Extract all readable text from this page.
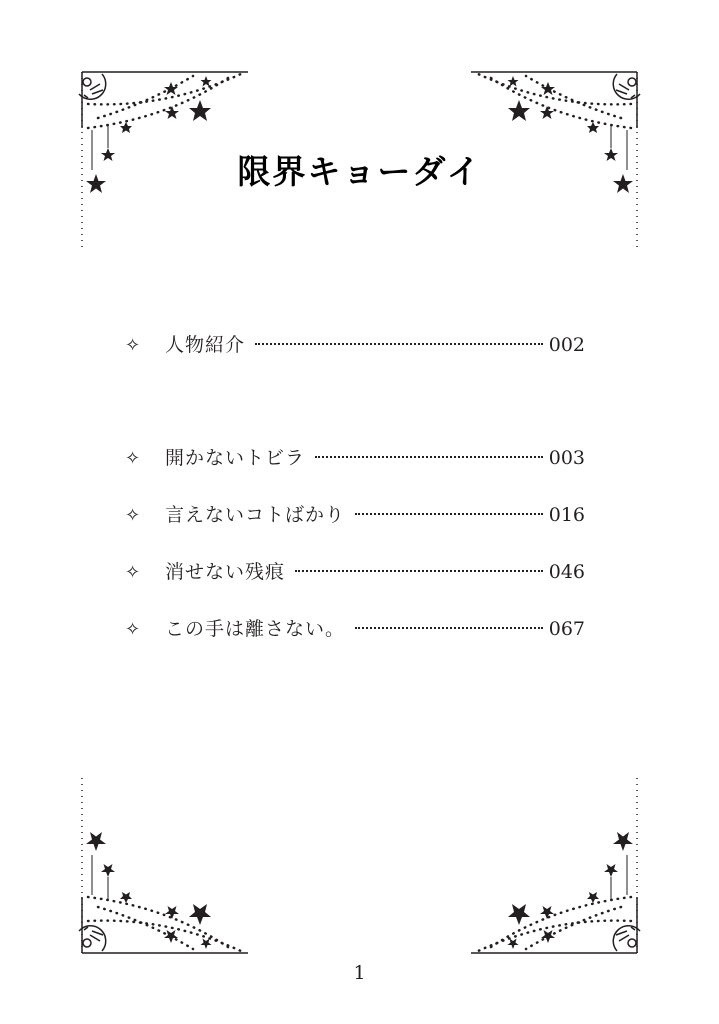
限界キョーダイ
✧	人物紹介	002
✧	開かないトビラ	003
✧	言えないコトばかり	016
✧	消せない残痕	046
✧	この手は離さない。	067
1
